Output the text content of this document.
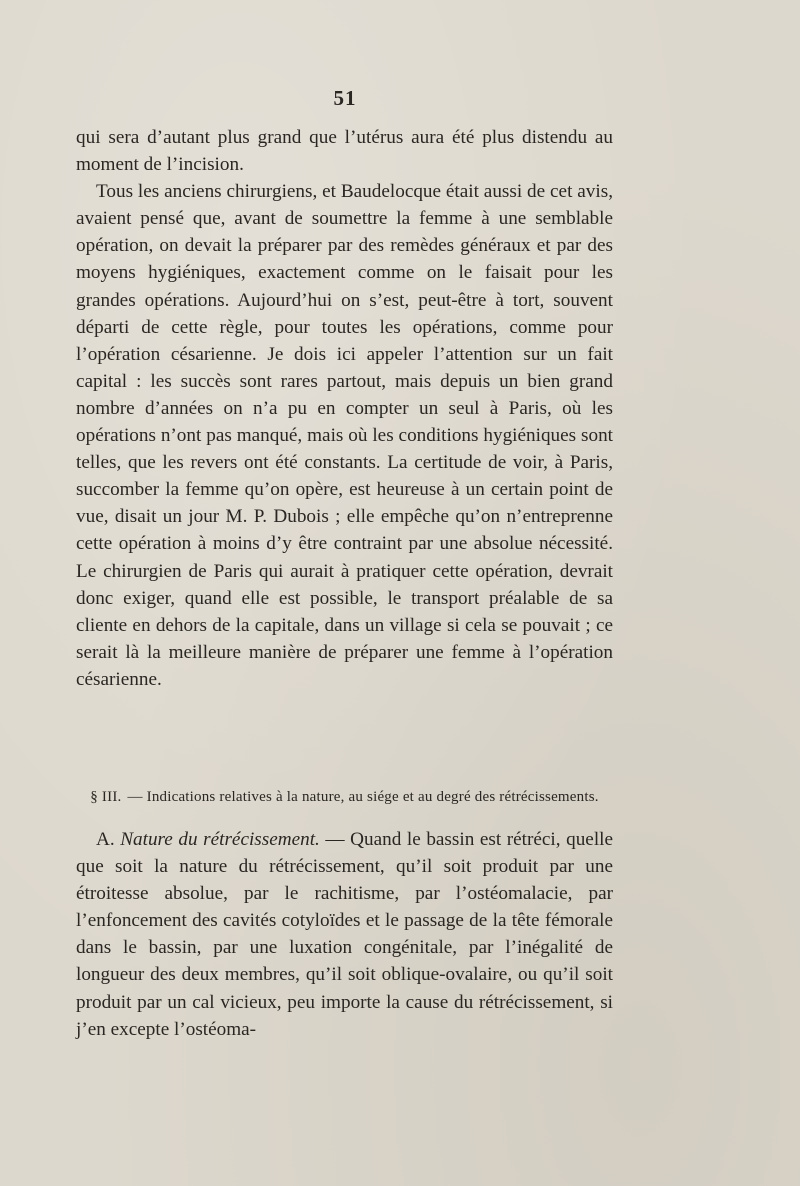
51

qui sera d’autant plus grand que l’utérus aura été plus distendu au moment de l’incision.

Tous les anciens chirurgiens, et Baudelocque était aussi de cet avis, avaient pensé que, avant de soumettre la femme à une semblable opération, on devait la préparer par des remèdes généraux et par des moyens hygiéniques, exactement comme on le faisait pour les grandes opérations. Aujourd’hui on s’est, peut-être à tort, souvent départi de cette règle, pour toutes les opérations, comme pour l’opération césarienne. Je dois ici appeler l’attention sur un fait capital : les succès sont rares partout, mais depuis un bien grand nombre d’années on n’a pu en compter un seul à Paris, où les opérations n’ont pas manqué, mais où les conditions hygiéniques sont telles, que les revers ont été constants. La certitude de voir, à Paris, succomber la femme qu’on opère, est heureuse à un certain point de vue, disait un jour M. P. Dubois ; elle empêche qu’on n’entreprenne cette opération à moins d’y être contraint par une absolue nécessité. Le chirurgien de Paris qui aurait à pratiquer cette opération, devrait donc exiger, quand elle est possible, le transport préalable de sa cliente en dehors de la capitale, dans un village si cela se pouvait ; ce serait là la meilleure manière de préparer une femme à l’opération césarienne.

§ III. — Indications relatives à la nature, au siége et au degré des rétrécissements.

A. Nature du rétrécissement. — Quand le bassin est rétréci, quelle que soit la nature du rétrécissement, qu’il soit produit par une étroitesse absolue, par le rachitisme, par l’ostéomalacie, par l’enfoncement des cavités cotyloïdes et le passage de la tête fémorale dans le bassin, par une luxation congénitale, par l’inégalité de longueur des deux membres, qu’il soit oblique-ovalaire, ou qu’il soit produit par un cal vicieux, peu importe la cause du rétrécissement, si j’en excepte l’ostéoma-
